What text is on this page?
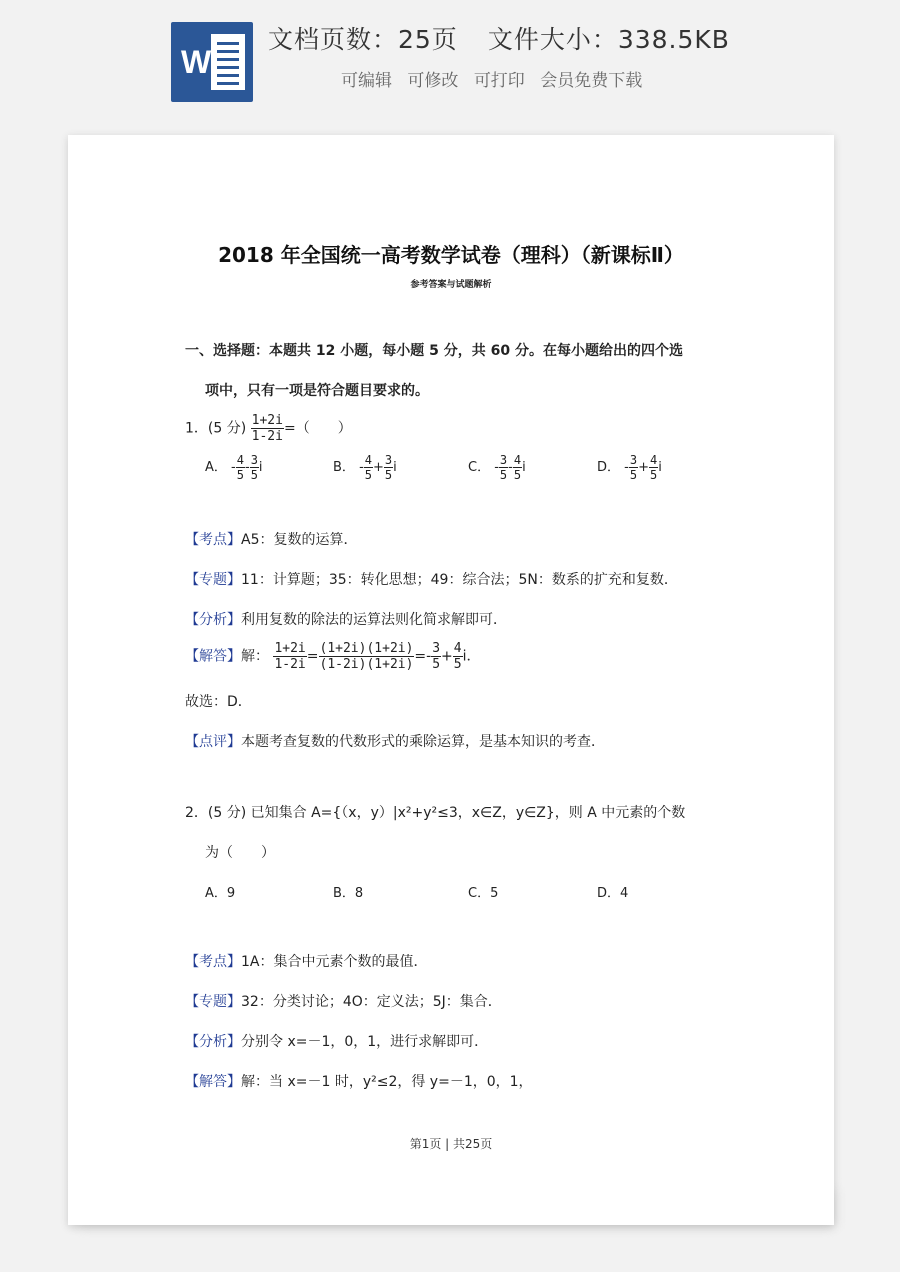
W
文档页数：25页 文件大小：338.5KB
可编辑 可修改 可打印 会员免费下载
2018 年全国统一高考数学试卷（理科）（新课标Ⅱ）
参考答案与试题解析
一、选择题：本题共 12 小题，每小题 5 分，共 60 分。在每小题给出的四个选
项中，只有一项是符合题目要求的。
1．(5 分) $\frac{1+2i}{1-2i}$ =（　　）
A． - $\frac{4}{5} - \frac{3}{5}$ i	B． - $\frac{4}{5} + \frac{3}{5}$ i	C． - $\frac{3}{5} - \frac{4}{5}$ i	D． - $\frac{3}{5} + \frac{4}{5}$ i
【考点】A5：复数的运算．
【专题】11：计算题；35：转化思想；49：综合法；5N：数系的扩充和复数．
【分析】利用复数的除法的运算法则化简求解即可．
【解答】解： $\frac{1+2i}{1-2i} = \frac{(1+2i)(1+2i)}{(1-2i)(1+2i)} =- \frac{3}{5} + \frac{4}{5}$ i．
故选：D．
【点评】本题考查复数的代数形式的乘除运算，是基本知识的考查．
2．(5 分) 已知集合 A={（x，y）|x²+y²≤3，x∈Z，y∈Z}，则 A 中元素的个数
为（　　）
A．9	B．8	C．5	D．4
【考点】1A：集合中元素个数的最值．
【专题】32：分类讨论；4O：定义法；5J：集合．
【分析】分别令 x=－1，0，1，进行求解即可．
【解答】解：当 x=－1 时，y²≤2，得 y=－1，0，1，
第1页 | 共25页
